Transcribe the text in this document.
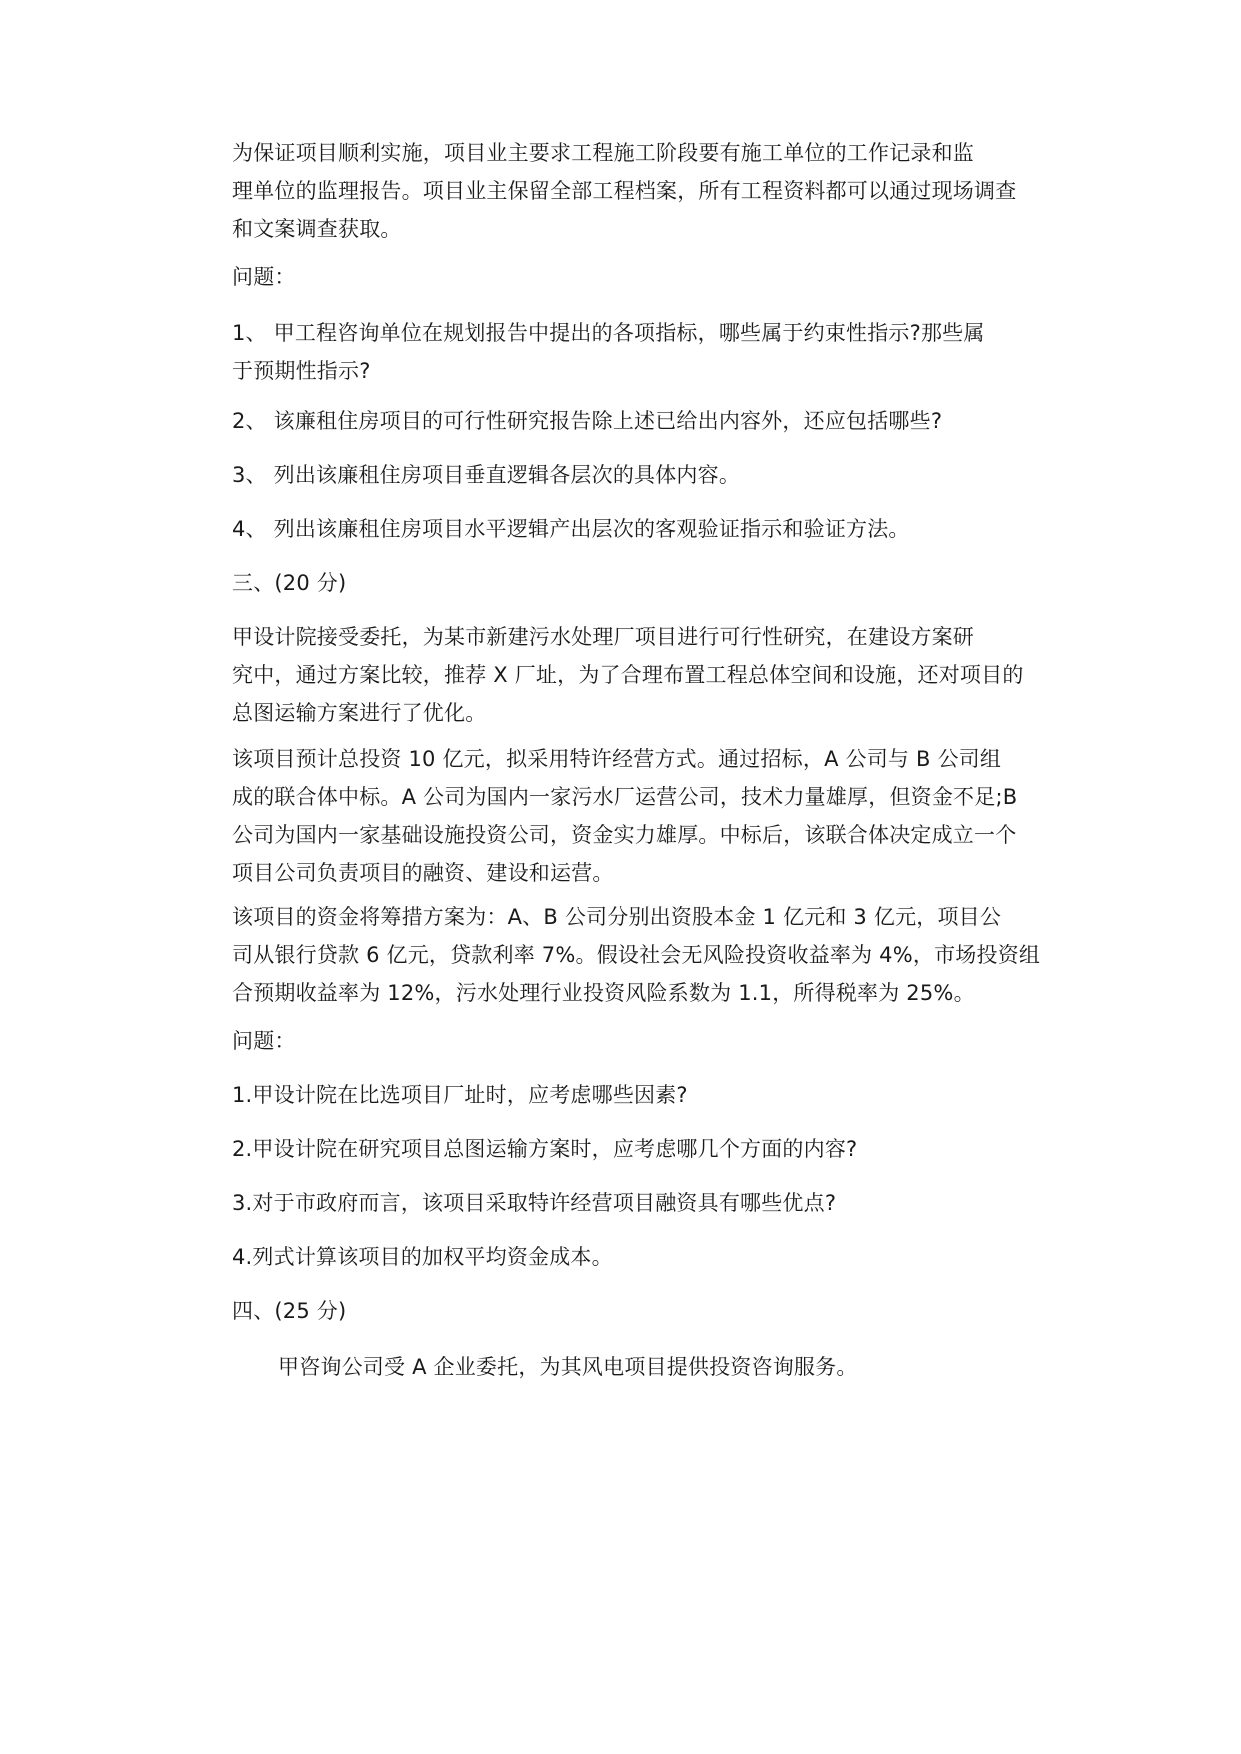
为保证项目顺利实施，项目业主要求工程施工阶段要有施工单位的工作记录和监
理单位的监理报告。项目业主保留全部工程档案，所有工程资料都可以通过现场调查
和文案调查获取。
问题：
1、 甲工程咨询单位在规划报告中提出的各项指标，哪些属于约束性指示?那些属
于预期性指示?
2、 该廉租住房项目的可行性研究报告除上述已给出内容外，还应包括哪些?
3、 列出该廉租住房项目垂直逻辑各层次的具体内容。
4、 列出该廉租住房项目水平逻辑产出层次的客观验证指示和验证方法。
三、(20 分)
甲设计院接受委托，为某市新建污水处理厂项目进行可行性研究，在建设方案研
究中，通过方案比较，推荐 X 厂址，为了合理布置工程总体空间和设施，还对项目的
总图运输方案进行了优化。
该项目预计总投资 10 亿元，拟采用特许经营方式。通过招标，A 公司与 B 公司组
成的联合体中标。A 公司为国内一家污水厂运营公司，技术力量雄厚，但资金不足;B
公司为国内一家基础设施投资公司，资金实力雄厚。中标后，该联合体决定成立一个
项目公司负责项目的融资、建设和运营。
该项目的资金将筹措方案为：A、B 公司分别出资股本金 1 亿元和 3 亿元，项目公
司从银行贷款 6 亿元，贷款利率 7%。假设社会无风险投资收益率为 4%，市场投资组
合预期收益率为 12%，污水处理行业投资风险系数为 1.1，所得税率为 25%。
问题：
1.甲设计院在比选项目厂址时，应考虑哪些因素?
2.甲设计院在研究项目总图运输方案时，应考虑哪几个方面的内容?
3.对于市政府而言，该项目采取特许经营项目融资具有哪些优点?
4.列式计算该项目的加权平均资金成本。
四、(25 分)
甲咨询公司受 A 企业委托，为其风电项目提供投资咨询服务。
